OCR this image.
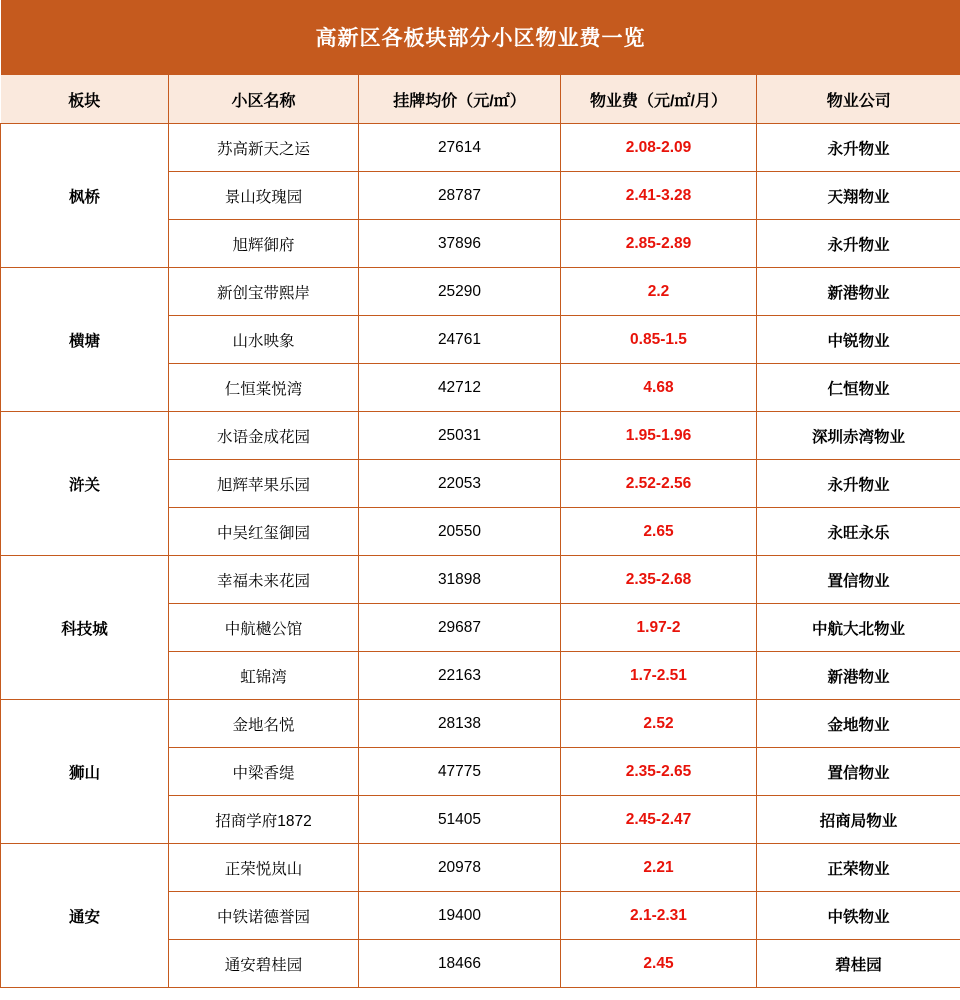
高新区各板块部分小区物业费一览				
板块	小区名称	挂牌均价（元/㎡）	物业费（元/㎡/月）	物业公司
枫桥	苏高新天之运	27614	2.08-2.09	永升物业
	景山玫瑰园	28787	2.41-3.28	天翔物业
	旭辉御府	37896	2.85-2.89	永升物业
横塘	新创宝带熙岸	25290	2.2	新港物业
	山水映象	24761	0.85-1.5	中锐物业
	仁恒棠悦湾	42712	4.68	仁恒物业
浒关	水语金成花园	25031	1.95-1.96	深圳赤湾物业
	旭辉苹果乐园	22053	2.52-2.56	永升物业
	中吴红玺御园	20550	2.65	永旺永乐
科技城	幸福未来花园	31898	2.35-2.68	置信物业
	中航樾公馆	29687	1.97-2	中航大北物业
	虹锦湾	22163	1.7-2.51	新港物业
狮山	金地名悦	28138	2.52	金地物业
	中梁香缇	47775	2.35-2.65	置信物业
	招商学府1872	51405	2.45-2.47	招商局物业
通安	正荣悦岚山	20978	2.21	正荣物业
	中铁诺德誉园	19400	2.1-2.31	中铁物业
	通安碧桂园	18466	2.45	碧桂园
